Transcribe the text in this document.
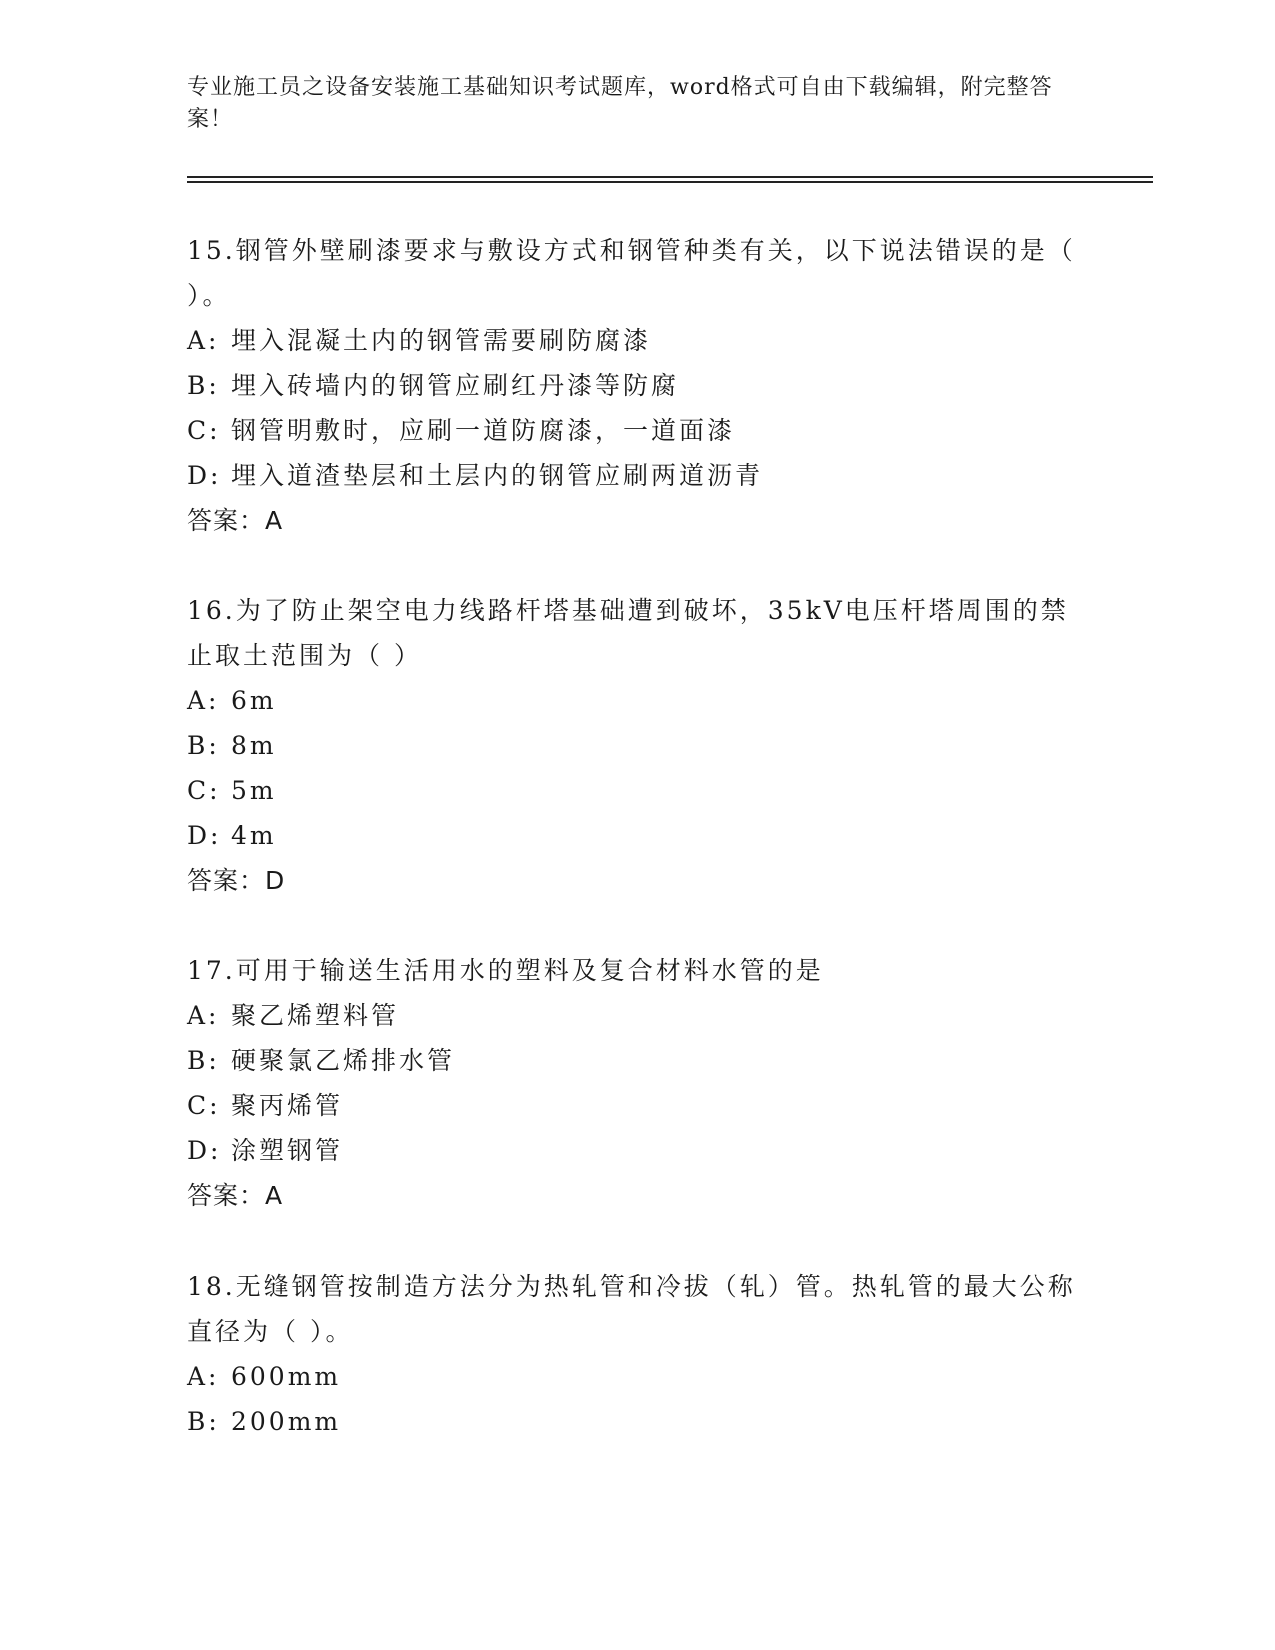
专业施工员之设备安装施工基础知识考试题库，word格式可自由下载编辑，附完整答案！

15.钢管外壁刷漆要求与敷设方式和钢管种类有关，以下说法错误的是（ ）。

A: 埋入混凝土内的钢管需要刷防腐漆

B: 埋入砖墙内的钢管应刷红丹漆等防腐

C: 钢管明敷时，应刷一道防腐漆，一道面漆

D: 埋入道渣垫层和土层内的钢管应刷两道沥青

答案：A

16.为了防止架空电力线路杆塔基础遭到破坏，35kV电压杆塔周围的禁止取土范围为（ ）

A: 6m

B: 8m

C: 5m

D: 4m

答案：D

17.可用于输送生活用水的塑料及复合材料水管的是

A: 聚乙烯塑料管

B: 硬聚氯乙烯排水管

C: 聚丙烯管

D: 涂塑钢管

答案：A

18.无缝钢管按制造方法分为热轧管和冷拔（轧）管。热轧管的最大公称直径为（ ）。

A: 600mm

B: 200mm
